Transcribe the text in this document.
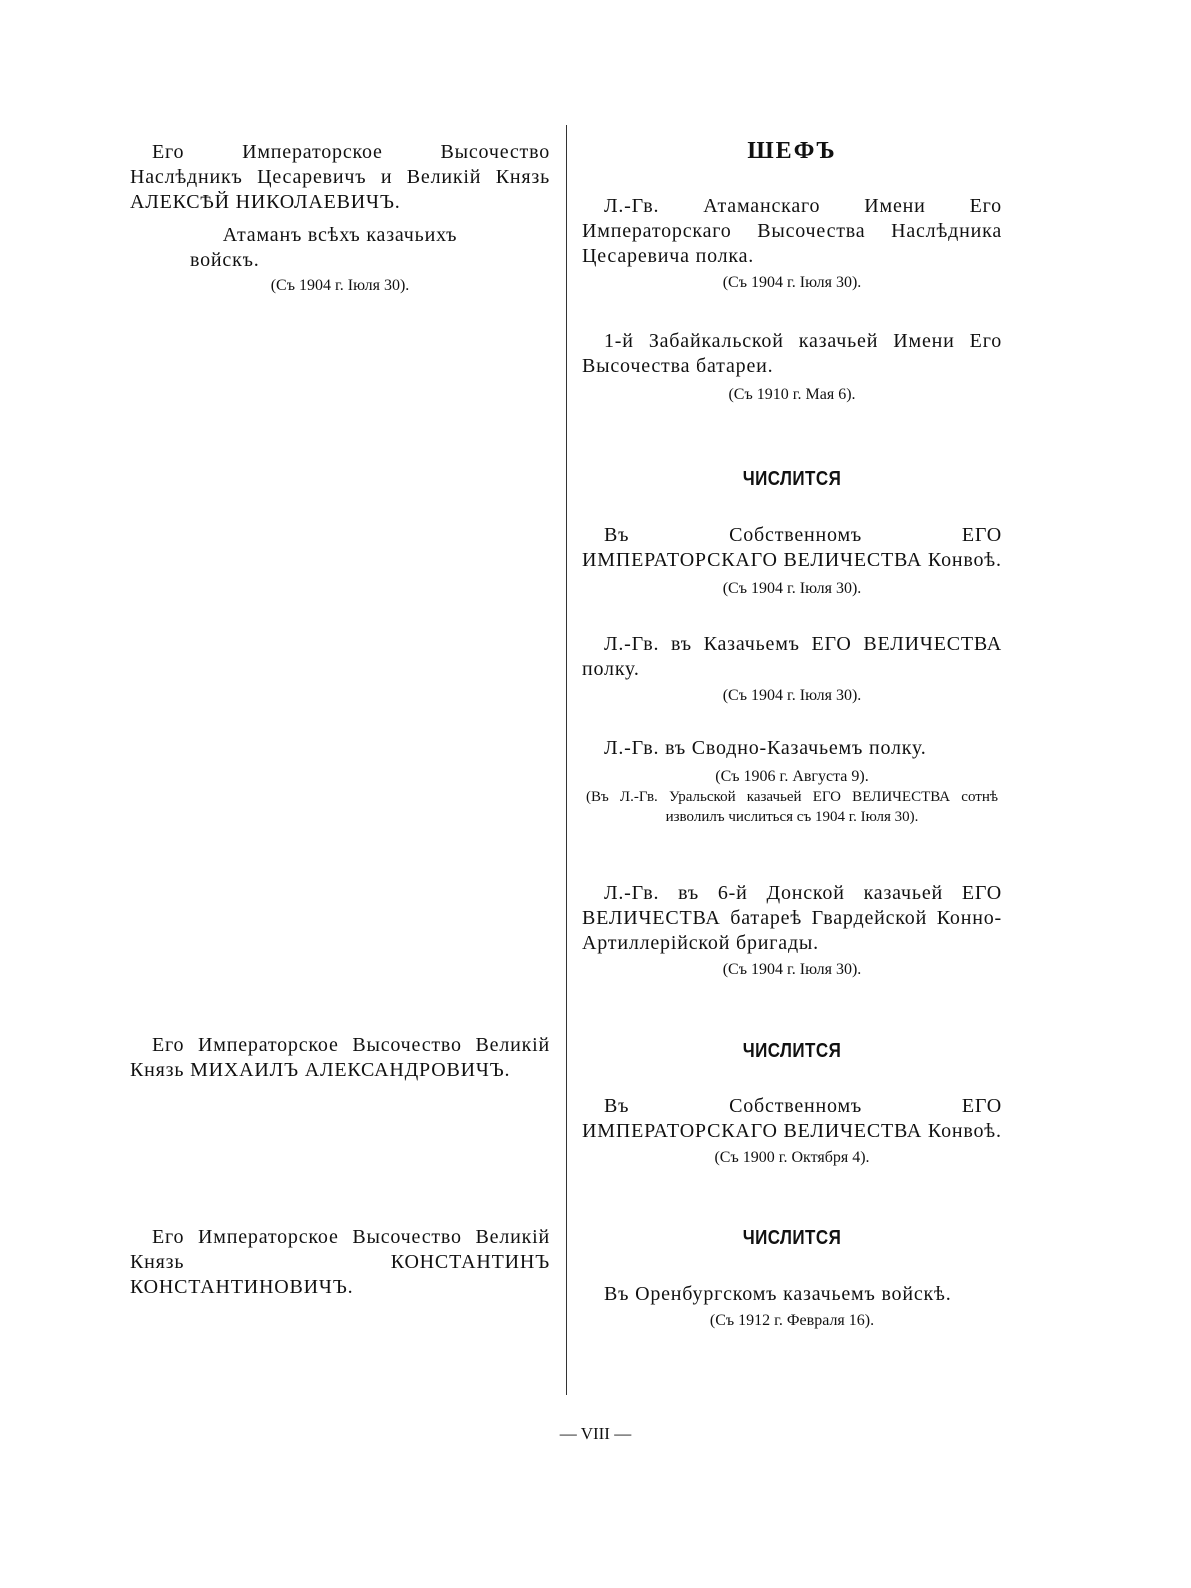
Его Императорское Высочество Наслѣдникъ Цесаревичъ и Великій Князь АЛЕКСѢЙ НИКОЛАЕВИЧЪ.
Атаманъ всѣхъ казачьихъ войскъ.
(Съ 1904 г. Іюля 30).
Его Императорское Высочество Великій Князь МИХАИЛЪ АЛЕКСАНДРОВИЧЪ.
Его Императорское Высочество Великій Князь КОНСТАНТИНЪ КОНСТАНТИНОВИЧЪ.
ШЕФЪ
Л.-Гв. Атаманскаго Имени Его Императорскаго Высочества Наслѣдника Цесаревича полка.
(Съ 1904 г. Іюля 30).
1-й Забайкальской казачьей Имени Его Высочества батареи.
(Съ 1910 г. Мая 6).
ЧИСЛИТСЯ
Въ Собственномъ ЕГО ИМПЕРАТОРСКАГО ВЕЛИЧЕСТВА Конвоѣ.
(Съ 1904 г. Іюля 30).
Л.-Гв. въ Казачьемъ ЕГО ВЕЛИЧЕСТВА полку.
(Съ 1904 г. Іюля 30).
Л.-Гв. въ Сводно-Казачьемъ полку.
(Съ 1906 г. Августа 9).
(Въ Л.-Гв. Уральской казачьей ЕГО ВЕЛИЧЕСТВА сотнѣ изволилъ числиться съ 1904 г. Іюля 30).
Л.-Гв. въ 6-й Донской казачьей ЕГО ВЕЛИЧЕСТВА батареѣ Гвардейской Конно-Артиллерійской бригады.
(Съ 1904 г. Іюля 30).
ЧИСЛИТСЯ
Въ Собственномъ ЕГО ИМПЕРАТОРСКАГО ВЕЛИЧЕСТВА Конвоѣ.
(Съ 1900 г. Октября 4).
ЧИСЛИТСЯ
Въ Оренбургскомъ казачьемъ войскѣ.
(Съ 1912 г. Февраля 16).
— VIII —
